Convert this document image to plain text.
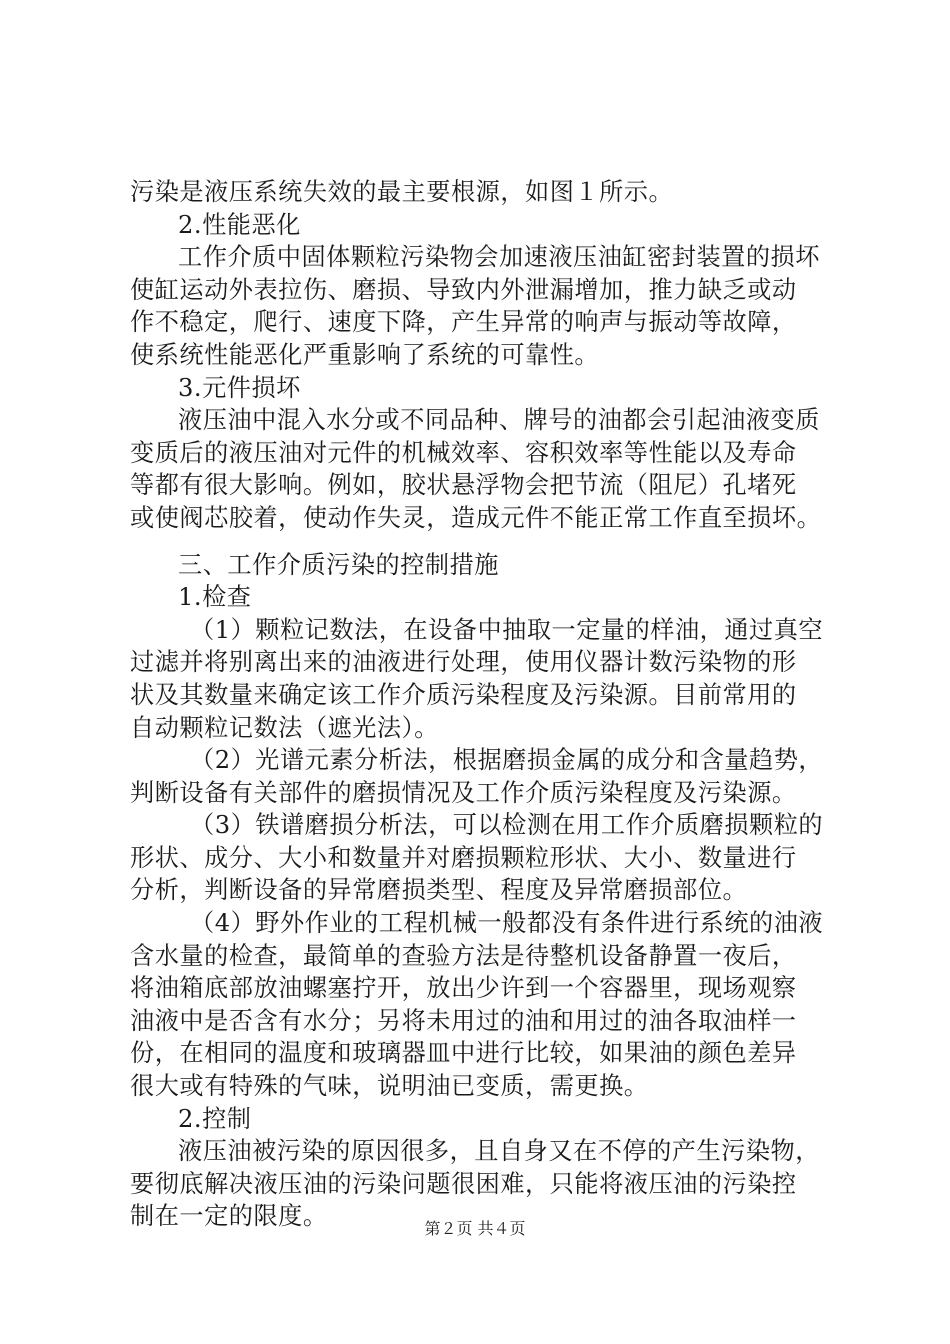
污染是液压系统失效的最主要根源，如图１所示。
2.性能恶化
工作介质中固体颗粒污染物会加速液压油缸密封装置的损坏
使缸运动外表拉伤、磨损、导致内外泄漏增加，推力缺乏或动
作不稳定，爬行、速度下降，产生异常的响声与振动等故障，
使系统性能恶化严重影响了系统的可靠性。
3.元件损坏
液压油中混入水分或不同品种、牌号的油都会引起油液变质
变质后的液压油对元件的机械效率、容积效率等性能以及寿命
等都有很大影响。例如，胶状悬浮物会把节流（阻尼）孔堵死
或使阀芯胶着，使动作失灵，造成元件不能正常工作直至损坏。
三、工作介质污染的控制措施
1.检查
（1）颗粒记数法，在设备中抽取一定量的样油，通过真空
过滤并将别离出来的油液进行处理，使用仪器计数污染物的形
状及其数量来确定该工作介质污染程度及污染源。目前常用的
自动颗粒记数法（遮光法）。
（2）光谱元素分析法，根据磨损金属的成分和含量趋势，
判断设备有关部件的磨损情况及工作介质污染程度及污染源。
（3）铁谱磨损分析法，可以检测在用工作介质磨损颗粒的
形状、成分、大小和数量并对磨损颗粒形状、大小、数量进行
分析，判断设备的异常磨损类型、程度及异常磨损部位。
（4）野外作业的工程机械一般都没有条件进行系统的油液
含水量的检查，最简单的查验方法是待整机设备静置一夜后，
将油箱底部放油螺塞拧开，放出少许到一个容器里，现场观察
油液中是否含有水分；另将未用过的油和用过的油各取油样一
份，在相同的温度和玻璃器皿中进行比较，如果油的颜色差异
很大或有特殊的气味，说明油已变质，需更换。
2.控制
液压油被污染的原因很多，且自身又在不停的产生污染物，
要彻底解决液压油的污染问题很困难，只能将液压油的污染控
制在一定的限度。	第２页 共４页
